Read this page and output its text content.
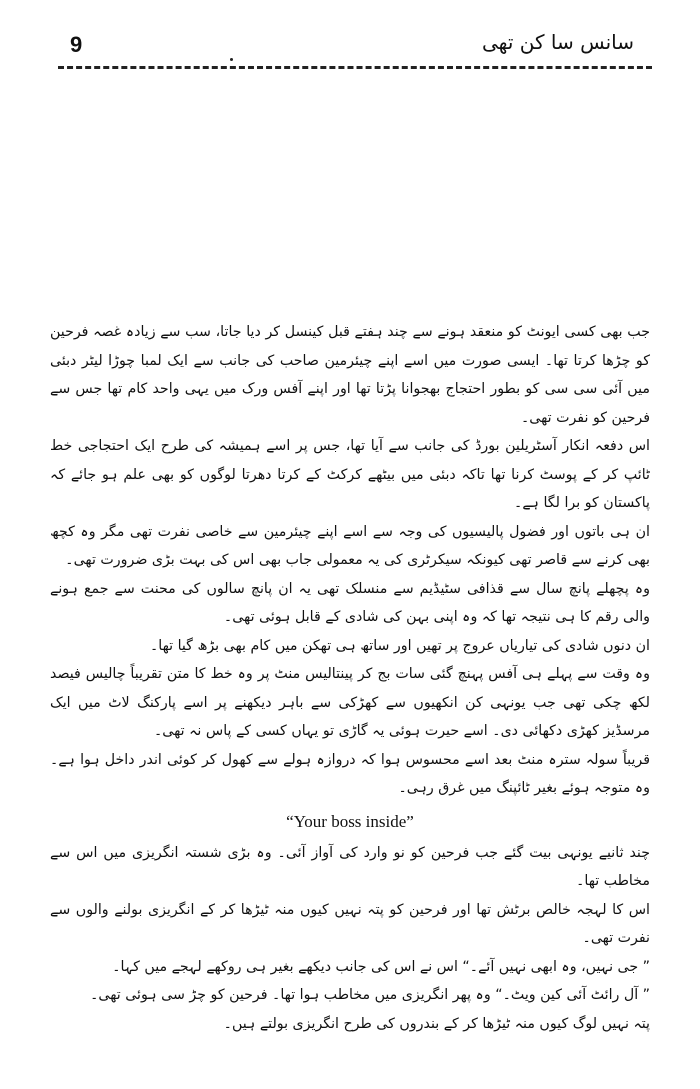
9	سانس سا کن تھی

جب بھی کسی ایونٹ کو منعقد ہونے سے چند ہفتے قبل کینسل کر دیا جاتا، سب سے زیادہ غصہ فرحین کو چڑھا کرتا تھا۔ ایسی صورت میں اسے اپنے چیئرمین صاحب کی جانب سے ایک لمبا چوڑا لیٹر دبئی میں آئی سی سی کو بطور احتجاج بھجوانا پڑتا تھا اور اپنے آفس ورک میں یہی واحد کام تھا جس سے فرحین کو نفرت تھی۔

اس دفعہ انکار آسٹریلین بورڈ کی جانب سے آیا تھا، جس پر اسے ہمیشہ کی طرح ایک احتجاجی خط ٹائپ کر کے پوسٹ کرنا تھا تاکہ دبئی میں بیٹھے کرکٹ کے کرتا دھرتا لوگوں کو بھی علم ہو جائے کہ پاکستان کو برا لگا ہے۔

ان ہی باتوں اور فضول پالیسیوں کی وجہ سے اسے اپنے چیئرمین سے خاصی نفرت تھی مگر وہ کچھ بھی کرنے سے قاصر تھی کیونکہ سیکرٹری کی یہ معمولی جاب بھی اس کی بہت بڑی ضرورت تھی۔

وہ پچھلے پانچ سال سے قذافی سٹیڈیم سے منسلک تھی یہ ان پانچ سالوں کی محنت سے جمع ہونے والی رقم کا ہی نتیجہ تھا کہ وہ اپنی بہن کی شادی کے قابل ہوئی تھی۔

ان دنوں شادی کی تیاریاں عروج پر تھیں اور ساتھ ہی تھکن میں کام بھی بڑھ گیا تھا۔

وہ وقت سے پہلے ہی آفس پہنچ گئی سات بج کر پینتالیس منٹ پر وہ خط کا متن تقریباً چالیس فیصد لکھ چکی تھی جب یونہی کن انکھیوں سے کھڑکی سے باہر دیکھنے پر اسے پارکنگ لاٹ میں ایک مرسڈیز کھڑی دکھائی دی۔ اسے حیرت ہوئی یہ گاڑی تو یہاں کسی کے پاس نہ تھی۔

قریباً سولہ سترہ منٹ بعد اسے محسوس ہوا کہ دروازہ ہولے سے کھول کر کوئی اندر داخل ہوا ہے۔ وہ متوجہ ہوئے بغیر ٹائپنگ میں غرق رہی۔

“Your boss inside”

چند ثانیے یونہی بیت گئے جب فرحین کو نو وارد کی آواز آئی۔ وہ بڑی شستہ انگریزی میں اس سے مخاطب تھا۔

اس کا لہجہ خالص برٹش تھا اور فرحین کو پتہ نہیں کیوں منہ ٹیڑھا کر کے انگریزی بولنے والوں سے نفرت تھی۔

” جی نہیں، وہ ابھی نہیں آئے۔“ اس نے اس کی جانب دیکھے بغیر ہی روکھے لہجے میں کہا۔

” آل رائٹ آئی کین ویٹ۔“ وہ پھر انگریزی میں مخاطب ہوا تھا۔ فرحین کو چڑ سی ہوئی تھی۔

پتہ نہیں لوگ کیوں منہ ٹیڑھا کر کے بندروں کی طرح انگریزی بولتے ہیں۔
